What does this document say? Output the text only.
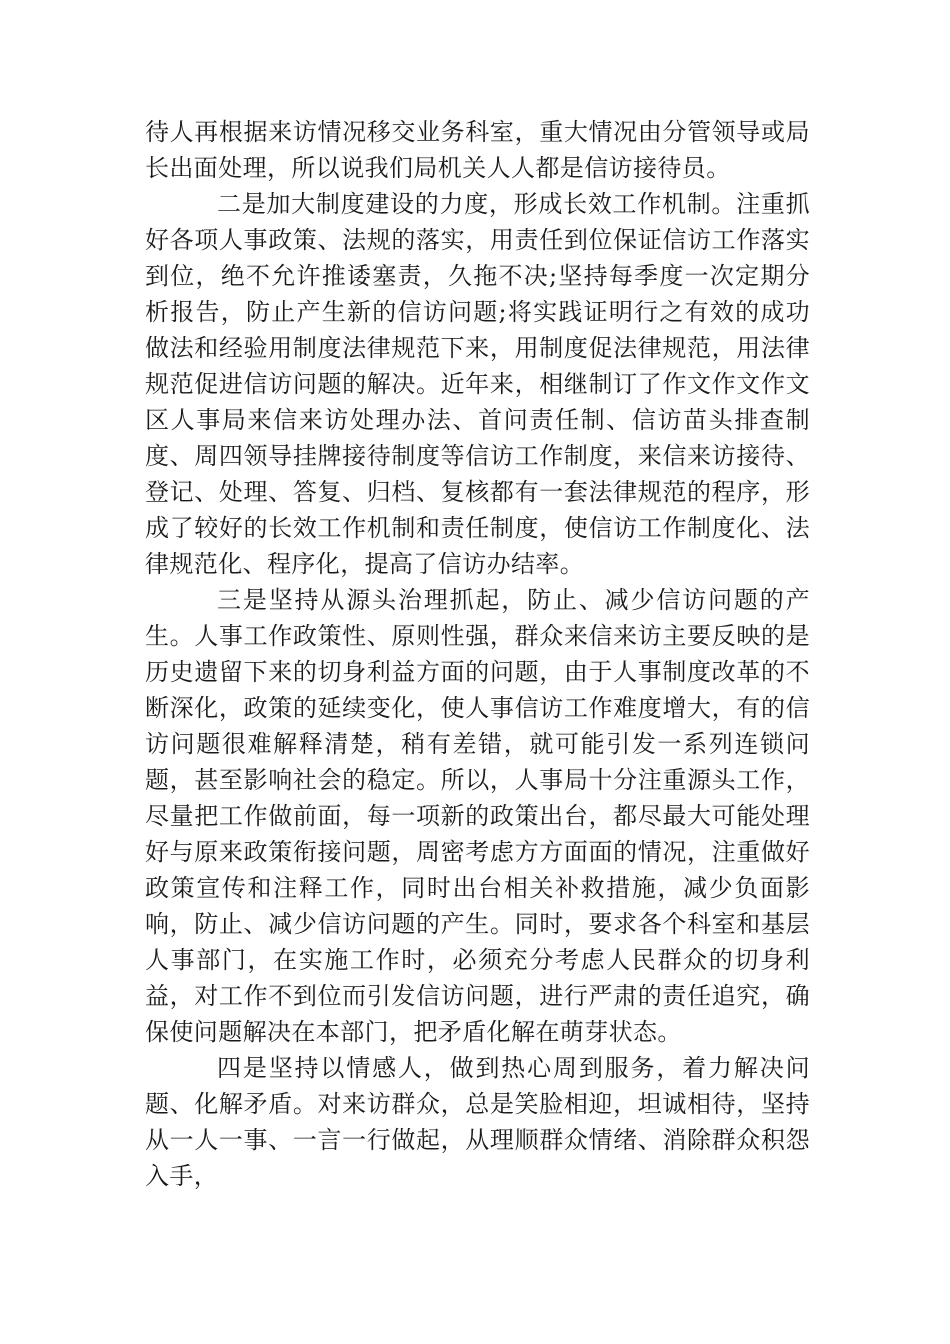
待人再根据来访情况移交业务科室，重大情况由分管领导或局长出面处理，所以说我们局机关人人都是信访接待员。

二是加大制度建设的力度，形成长效工作机制。注重抓好各项人事政策、法规的落实，用责任到位保证信访工作落实到位，绝不允许推诿塞责，久拖不决;坚持每季度一次定期分析报告，防止产生新的信访问题;将实践证明行之有效的成功做法和经验用制度法律规范下来，用制度促法律规范，用法律规范促进信访问题的解决。近年来，相继制订了作文作文作文区人事局来信来访处理办法、首问责任制、信访苗头排查制度、周四领导挂牌接待制度等信访工作制度，来信来访接待、登记、处理、答复、归档、复核都有一套法律规范的程序，形成了较好的长效工作机制和责任制度，使信访工作制度化、法律规范化、程序化，提高了信访办结率。

三是坚持从源头治理抓起，防止、减少信访问题的产生。人事工作政策性、原则性强，群众来信来访主要反映的是历史遗留下来的切身利益方面的问题，由于人事制度改革的不断深化，政策的延续变化，使人事信访工作难度增大，有的信访问题很难解释清楚，稍有差错，就可能引发一系列连锁问题，甚至影响社会的稳定。所以，人事局十分注重源头工作，尽量把工作做前面，每一项新的政策出台，都尽最大可能处理好与原来政策衔接问题，周密考虑方方面面的情况，注重做好政策宣传和注释工作，同时出台相关补救措施，减少负面影响，防止、减少信访问题的产生。同时，要求各个科室和基层人事部门，在实施工作时，必须充分考虑人民群众的切身利益，对工作不到位而引发信访问题，进行严肃的责任追究，确保使问题解决在本部门，把矛盾化解在萌芽状态。

四是坚持以情感人，做到热心周到服务，着力解决问题、化解矛盾。对来访群众，总是笑脸相迎，坦诚相待，坚持从一人一事、一言一行做起，从理顺群众情绪、消除群众积怨入手，
